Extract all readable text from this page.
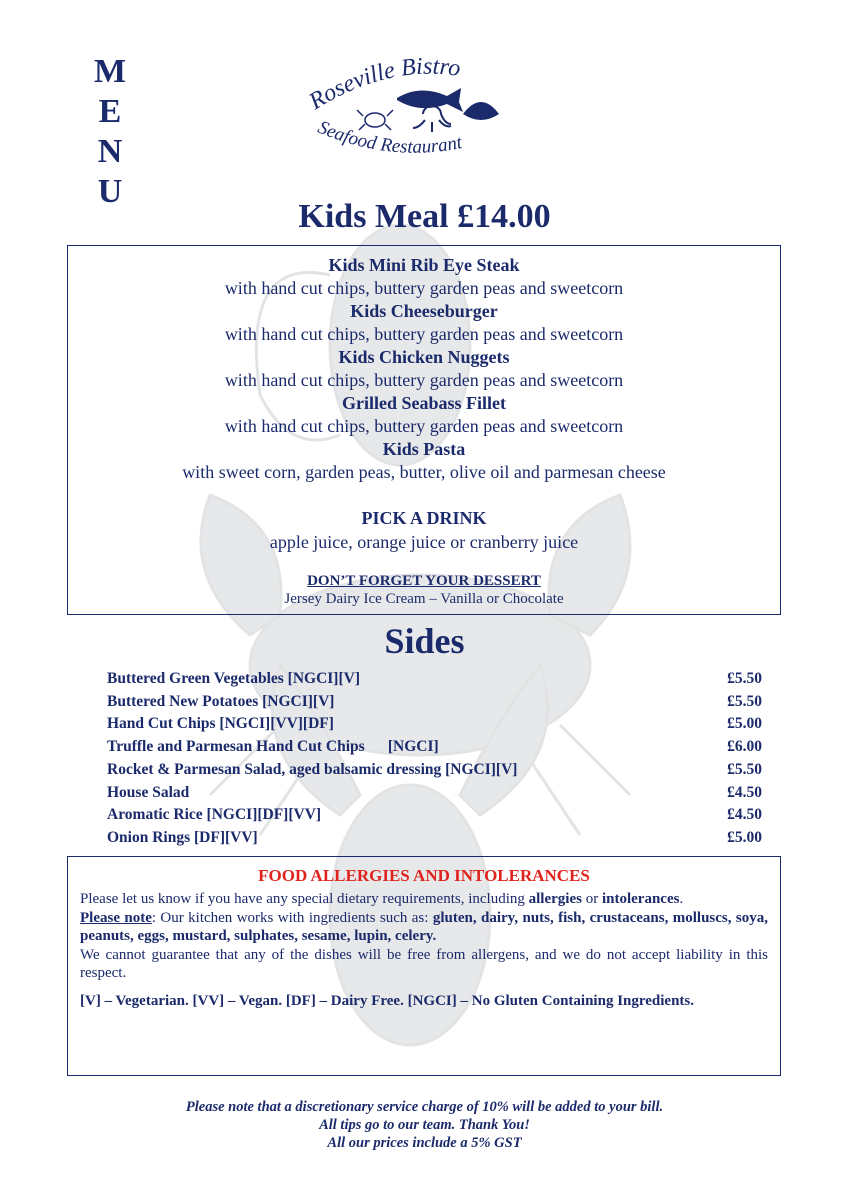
M
E
N
U
Roseville Bistro
Seafood Restaurant
Kids Meal £14.00
Kids Mini Rib Eye Steak
with hand cut chips, buttery garden peas and sweetcorn
Kids Cheeseburger
with hand cut chips, buttery garden peas and sweetcorn
Kids Chicken Nuggets
with hand cut chips, buttery garden peas and sweetcorn
Grilled Seabass Fillet
with hand cut chips, buttery garden peas and sweetcorn
Kids Pasta
with sweet corn, garden peas, butter, olive oil and parmesan cheese
PICK A DRINK
apple juice, orange juice or cranberry juice
DON’T FORGET YOUR DESSERT
Jersey Dairy Ice Cream – Vanilla or Chocolate
Sides
Buttered Green Vegetables [NGCI][V]	£5.50
Buttered New Potatoes [NGCI][V]	£5.50
Hand Cut Chips [NGCI][VV][DF]	£5.00
Truffle and Parmesan Hand Cut Chips      [NGCI]	£6.00
Rocket & Parmesan Salad, aged balsamic dressing [NGCI][V]	£5.50
House Salad	£4.50
Aromatic Rice [NGCI][DF][VV]	£4.50
Onion Rings [DF][VV]	£5.00
FOOD ALLERGIES AND INTOLERANCES

Please let us know if you have any special dietary requirements, including allergies or intolerances.

Please note: Our kitchen works with ingredients such as: gluten, dairy, nuts, fish, crustaceans, molluscs, soya, peanuts, eggs, mustard, sulphates, sesame, lupin, celery.

We cannot guarantee that any of the dishes will be free from allergens, and we do not accept liability in this respect.

[V] – Vegetarian. [VV] – Vegan. [DF] – Dairy Free. [NGCI] – No Gluten Containing Ingredients.

Please note that a discretionary service charge of 10% will be added to your bill.
All tips go to our team. Thank You!
All our prices include a 5% GST
